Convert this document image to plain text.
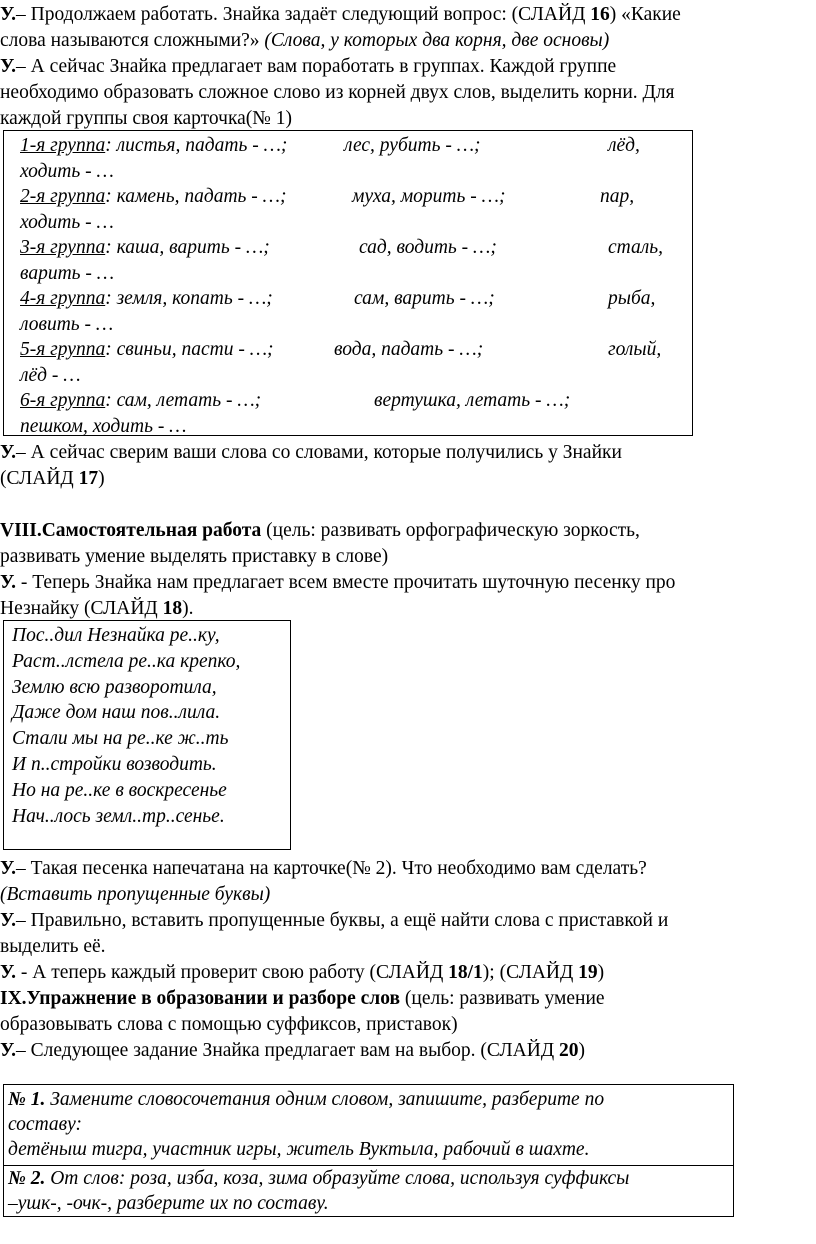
У.– Продолжаем работать. Знайка задаёт следующий вопрос: (СЛАЙД 16) «Какие
слова называются сложными?» (Слова, у которых два корня, две основы)
У.– А сейчас Знайка предлагает вам поработать в группах. Каждой группе
необходимо образовать сложное слово из корней двух слов, выделить корни. Для
каждой группы своя карточка(№ 1)
1-я группа: листья, падать - …;	лес, рубить - …;	лёд,
ходить - …
2-я группа: камень, падать - …;	муха, морить - …;	пар,
ходить - …
3-я группа: каша, варить - …;	сад, водить - …;	сталь,
варить - …
4-я группа: земля, копать - …;	сам, варить - …;	рыба,
ловить - …
5-я группа: свиньи, пасти - …;	вода, падать - …;	голый,
лёд - …
6-я группа: сам, летать - …;	вертушка, летать - …;
пешком, ходить - …
У.– А сейчас сверим ваши слова со словами, которые получились у Знайки
(СЛАЙД 17)
VIII.Самостоятельная работа (цель: развивать орфографическую зоркость,
развивать умение выделять приставку в слове)
У. - Теперь Знайка нам предлагает всем вместе прочитать шуточную песенку про
Незнайку (СЛАЙД 18).
Пос..дил Незнайка ре..ку,
Раст..лстела ре..ка крепко,
Землю всю разворотила,
Даже дом наш пов..лила.
Стали мы на ре..ке ж..ть
И п..стройки возводить.
Но на ре..ке в воскресенье
Нач..лось земл..тр..сенье.
У.– Такая песенка напечатана на карточке(№ 2). Что необходимо вам сделать?
(Вставить пропущенные буквы)
У.– Правильно, вставить пропущенные буквы, а ещё найти слова с приставкой и
выделить её.
У. - А теперь каждый проверит свою работу (СЛАЙД 18/1); (СЛАЙД 19)
IX.Упражнение в образовании и разборе слов (цель: развивать умение
образовывать слова с помощью суффиксов, приставок)
У.– Следующее задание Знайка предлагает вам на выбор. (СЛАЙД 20)
№ 1. Замените словосочетания одним словом, запишите, разберите по
составу:
детёныш тигра, участник игры, житель Вуктыла, рабочий в шахте.
№ 2. От слов: роза, изба, коза, зима образуйте слова, используя суффиксы
–ушк-, -очк-, разберите их по составу.
